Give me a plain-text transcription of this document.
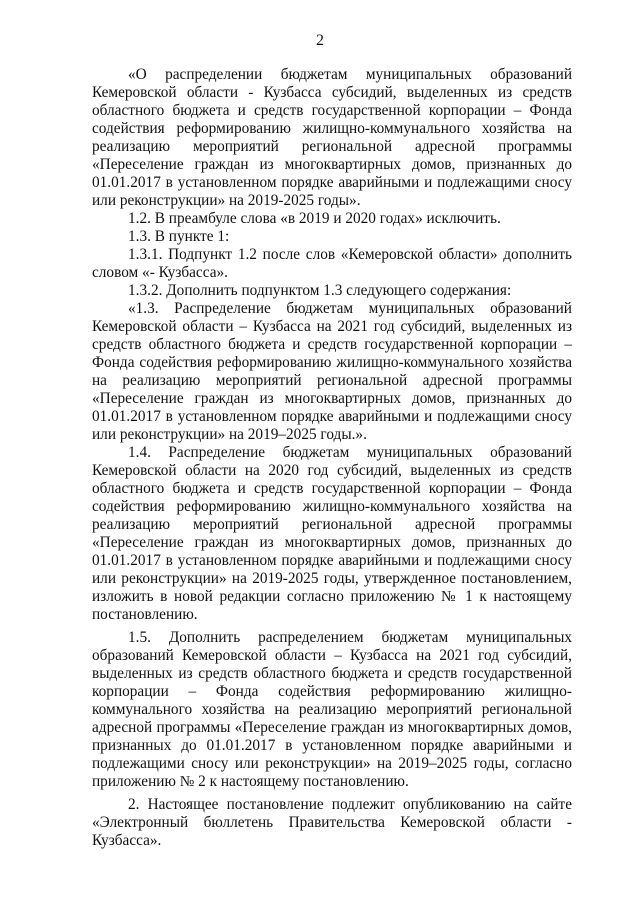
2

«О распределении бюджетам муниципальных образований Кемеровской области - Кузбасса субсидий, выделенных из средств областного бюджета и средств государственной корпорации – Фонда содействия реформированию жилищно-коммунального хозяйства на реализацию мероприятий региональной адресной программы «Переселение граждан из многоквартирных домов, признанных до 01.01.2017 в установленном порядке аварийными и подлежащими сносу или реконструкции» на 2019-2025 годы».

1.2. В преамбуле слова «в 2019 и 2020 годах» исключить.

1.3. В пункте 1:

1.3.1. Подпункт 1.2 после слов «Кемеровской области» дополнить словом «- Кузбасса».

1.3.2. Дополнить подпунктом 1.3 следующего содержания:

«1.3. Распределение бюджетам муниципальных образований Кемеровской области – Кузбасса на 2021 год субсидий, выделенных из средств областного бюджета и средств государственной корпорации – Фонда содействия реформированию жилищно-коммунального хозяйства на реализацию мероприятий региональной адресной программы «Переселение граждан из многоквартирных домов, признанных до 01.01.2017 в установленном порядке аварийными и подлежащими сносу или реконструкции» на 2019–2025 годы.».

1.4. Распределение бюджетам муниципальных образований Кемеровской области на 2020 год субсидий, выделенных из средств областного бюджета и средств государственной корпорации – Фонда содействия реформированию жилищно-коммунального хозяйства на реализацию мероприятий региональной адресной программы «Переселение граждан из многоквартирных домов, признанных до 01.01.2017 в установленном порядке аварийными и подлежащими сносу или реконструкции» на 2019-2025 годы, утвержденное постановлением, изложить в новой редакции согласно приложению № 1 к настоящему постановлению.

1.5. Дополнить распределением бюджетам муниципальных образований Кемеровской области – Кузбасса на 2021 год субсидий, выделенных из средств областного бюджета и средств государственной корпорации – Фонда содействия реформированию жилищно-коммунального хозяйства на реализацию мероприятий региональной адресной программы «Переселение граждан из многоквартирных домов, признанных до 01.01.2017 в установленном порядке аварийными и подлежащими сносу или реконструкции» на 2019–2025 годы, согласно приложению № 2 к настоящему постановлению.

2. Настоящее постановление подлежит опубликованию на сайте «Электронный бюллетень Правительства Кемеровской области - Кузбасса».
